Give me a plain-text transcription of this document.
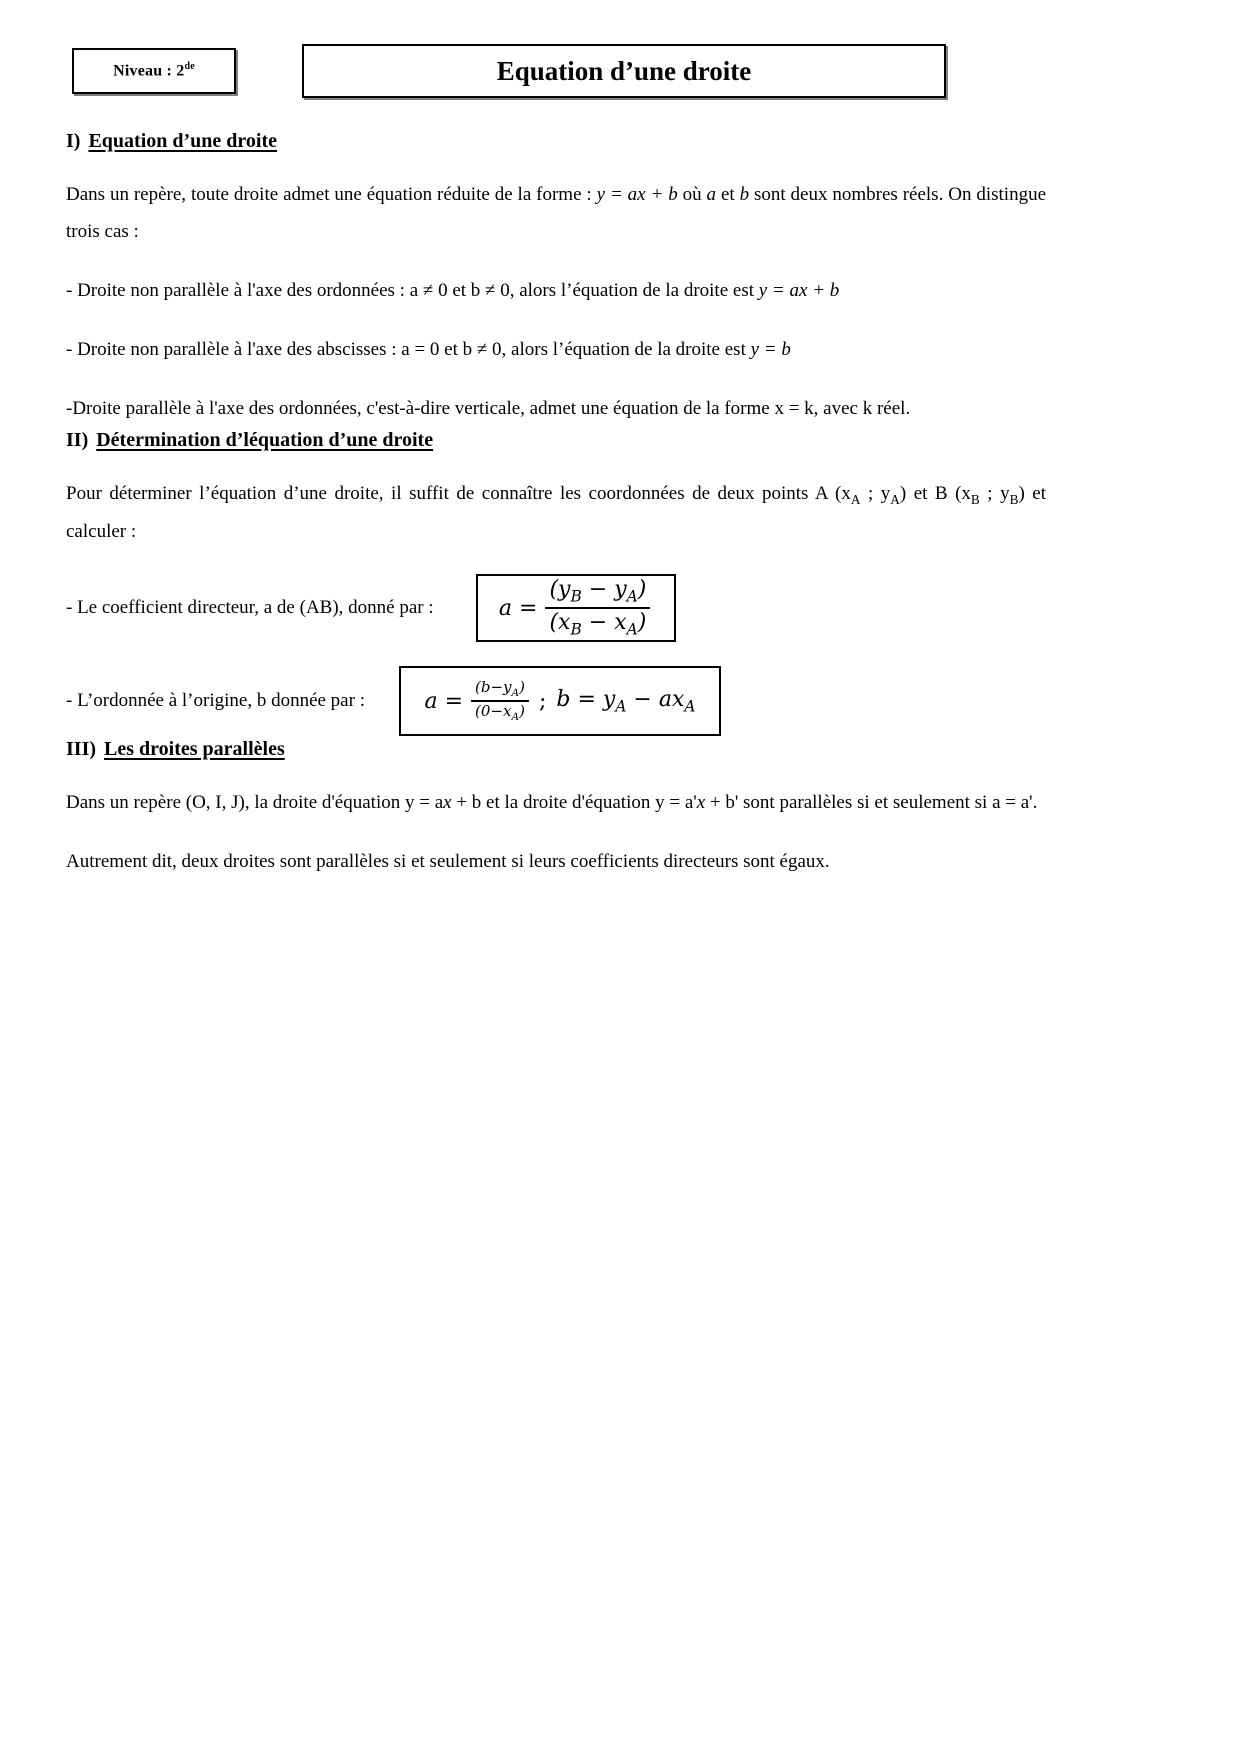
Niveau : 2de	Equation d’une droite
I) Equation d’une droite

Dans un repère, toute droite admet une équation réduite de la forme : y = ax + b où a et b sont deux nombres réels. On distingue trois cas :

- Droite non parallèle à l'axe des ordonnées : a ≠ 0 et b ≠ 0, alors l’équation de la droite est y = ax + b

- Droite non parallèle à l'axe des abscisses : a = 0 et b ≠ 0, alors l’équation de la droite est y = b

-Droite parallèle à l'axe des ordonnées, c'est-à-dire verticale, admet une équation de la forme x = k, avec k réel.

II) Détermination d’léquation d’une droite

Pour déterminer l’équation d’une droite, il suffit de connaître les coordonnées de deux points A ($x_A$ ; $y_A$) et B ($x_B$ ; $y_B$) et calculer :

- Le coefficient directeur, a de (AB), donné par :	$a = \frac{(y_B - y_A)}{(x_B - x_A)}$
- L’ordonnée à l’origine, b donnée par :	$a = \frac{(b-y_A)}{(0-x_A)}$ ; $b = y_A - ax_A$
III) Les droites parallèles

Dans un repère (O, I, J), la droite d'équation y = ax + b et la droite d'équation y = a'x + b' sont parallèles si et seulement si a = a'.

Autrement dit, deux droites sont parallèles si et seulement si leurs coefficients directeurs sont égaux.
